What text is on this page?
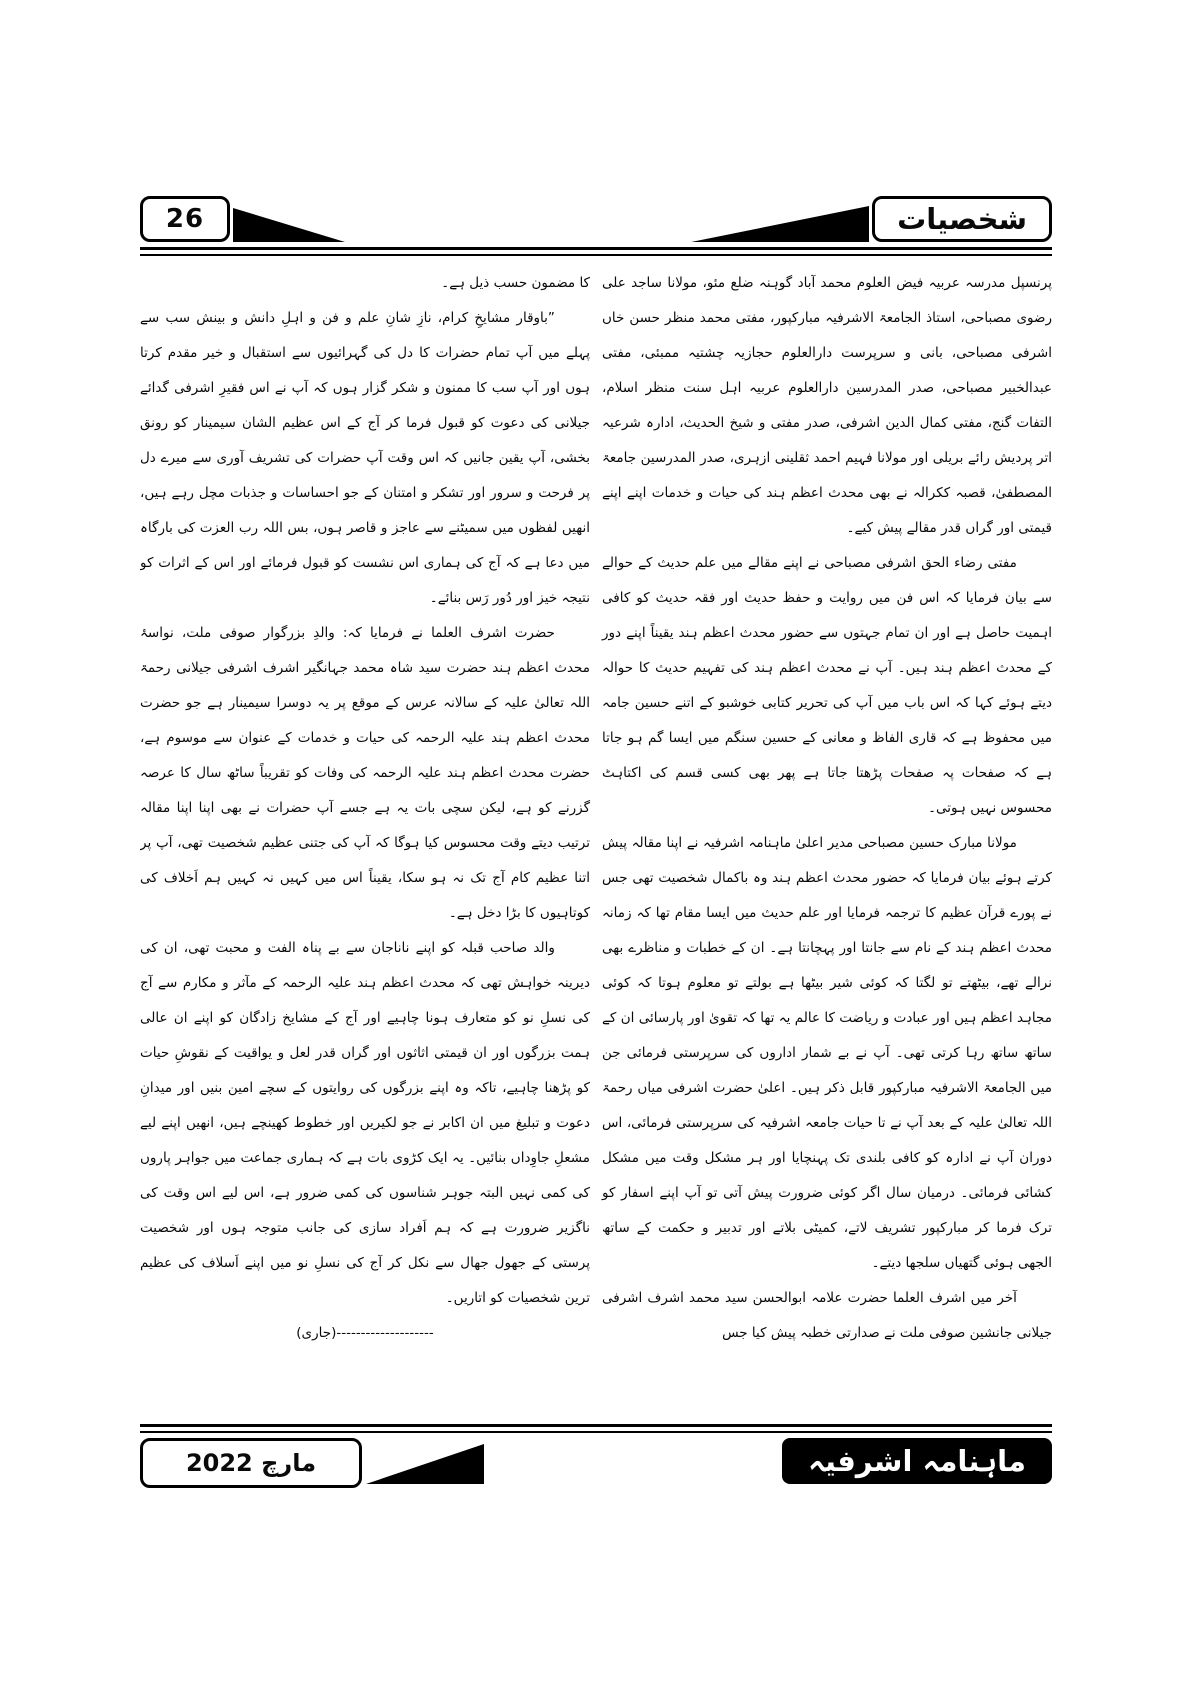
شخصیات
26

پرنسپل مدرسہ عربیہ فیض العلوم محمد آباد گوہنہ ضلع مئو، مولانا ساجد علی رضوی مصباحی، استاذ الجامعۃ الاشرفیہ مبارکپور، مفتی محمد منظر حسن خاں اشرفی مصباحی، بانی و سرپرست دارالعلوم حجازیہ چشتیہ ممبئی، مفتی عبدالخبیر مصباحی، صدر المدرسین دارالعلوم عربیہ اہل سنت منظر اسلام، التفات گنج، مفتی کمال الدین اشرفی، صدر مفتی و شیخ الحدیث، ادارہ شرعیہ اتر پردیش رائے بریلی اور مولانا فہیم احمد ثقلینی ازہری، صدر المدرسین جامعۃ المصطفیٰ، قصبہ ککرالہ نے بھی محدث اعظم ہند کی حیات و خدمات اپنے اپنے قیمتی اور گراں قدر مقالے پیش کیے۔

مفتی رضاء الحق اشرفی مصباحی نے اپنے مقالے میں علم حدیث کے حوالے سے بیان فرمایا کہ اس فن میں روایت و حفظ حدیث اور فقہ حدیث کو کافی اہمیت حاصل ہے اور ان تمام جہتوں سے حضور محدث اعظم ہند یقیناً اپنے دور کے محدث اعظم ہند ہیں۔ آپ نے محدث اعظم ہند کی تفہیم حدیث کا حوالہ دیتے ہوئے کہا کہ اس باب میں آپ کی تحریر کتابی خوشبو کے اتنے حسین جامہ میں محفوظ ہے کہ قاری الفاظ و معانی کے حسین سنگم میں ایسا گم ہو جاتا ہے کہ صفحات پہ صفحات پڑھتا جاتا ہے پھر بھی کسی قسم کی اکتاہٹ محسوس نہیں ہوتی۔

مولانا مبارک حسین مصباحی مدیر اعلیٰ ماہنامہ اشرفیہ نے اپنا مقالہ پیش کرتے ہوئے بیان فرمایا کہ حضور محدث اعظم ہند وہ باکمال شخصیت تھی جس نے پورے قرآن عظیم کا ترجمہ فرمایا اور علم حدیث میں ایسا مقام تھا کہ زمانہ محدث اعظم ہند کے نام سے جانتا اور پہچانتا ہے۔ ان کے خطبات و مناظرے بھی نرالے تھے، بیٹھتے تو لگتا کہ کوئی شیر بیٹھا ہے بولتے تو معلوم ہوتا کہ کوئی مجاہد اعظم ہیں اور عبادت و ریاضت کا عالم یہ تھا کہ تقویٰ اور پارسائی ان کے ساتھ ساتھ رہا کرتی تھی۔ آپ نے بے شمار اداروں کی سرپرستی فرمائی جن میں الجامعۃ الاشرفیہ مبارکپور قابل ذکر ہیں۔ اعلیٰ حضرت اشرفی میاں رحمۃ اللہ تعالیٰ علیہ کے بعد آپ نے تا حیات جامعہ اشرفیہ کی سرپرستی فرمائی، اس دوران آپ نے ادارہ کو کافی بلندی تک پہنچایا اور ہر مشکل وقت میں مشکل کشائی فرمائی۔ درمیان سال اگر کوئی ضرورت پیش آتی تو آپ اپنے اسفار کو ترک فرما کر مبارکپور تشریف لاتے، کمیٹی بلاتے اور تدبیر و حکمت کے ساتھ الجھی ہوئی گتھیاں سلجھا دیتے۔

آخر میں اشرف العلما حضرت علامہ ابوالحسن سید محمد اشرف اشرفی جیلانی جانشین صوفی ملت نے صدارتی خطبہ پیش کیا جس

کا مضمون حسب ذیل ہے۔

”باوقار مشایخِ کرام، نازِ شانِ علم و فن و اہلِ دانش و بینش سب سے پہلے میں آپ تمام حضرات کا دل کی گہرائیوں سے استقبال و خیر مقدم کرتا ہوں اور آپ سب کا ممنون و شکر گزار ہوں کہ آپ نے اس فقیرِ اشرفی گدائے جیلانی کی دعوت کو قبول فرما کر آج کے اس عظیم الشان سیمینار کو رونق بخشی، آپ یقین جانیں کہ اس وقت آپ حضرات کی تشریف آوری سے میرے دل پر فرحت و سرور اور تشکر و امتنان کے جو احساسات و جذبات مچل رہے ہیں، انھیں لفظوں میں سمیٹنے سے عاجز و قاصر ہوں، بس اللہ رب العزت کی بارگاہ میں دعا ہے کہ آج کی ہماری اس نشست کو قبول فرمائے اور اس کے اثرات کو نتیجہ خیز اور دُور رَس بنائے۔

حضرت اشرف العلما نے فرمایا کہ: والدِ بزرگوار صوفی ملت، نواسۂ محدث اعظم ہند حضرت سید شاہ محمد جہانگیر اشرف اشرفی جیلانی رحمۃ اللہ تعالیٰ علیہ کے سالانہ عرس کے موقع پر یہ دوسرا سیمینار ہے جو حضرت محدث اعظم ہند علیہ الرحمہ کی حیات و خدمات کے عنوان سے موسوم ہے، حضرت محدث اعظم ہند علیہ الرحمہ کی وفات کو تقریباً ساٹھ سال کا عرصہ گزرنے کو ہے، لیکن سچی بات یہ ہے جسے آپ حضرات نے بھی اپنا اپنا مقالہ ترتیب دیتے وقت محسوس کیا ہوگا کہ آپ کی جتنی عظیم شخصیت تھی، آپ پر اتنا عظیم کام آج تک نہ ہو سکا، یقیناً اس میں کہیں نہ کہیں ہم اَخلاف کی کوتاہیوں کا بڑا دخل ہے۔

والد صاحب قبلہ کو اپنے ناناجان سے بے پناہ الفت و محبت تھی، ان کی دیرینہ خواہش تھی کہ محدث اعظم ہند علیہ الرحمہ کے مآثر و مکارم سے آج کی نسلِ نو کو متعارف ہونا چاہیے اور آج کے مشایخ زادگان کو اپنے ان عالی ہمت بزرگوں اور ان قیمتی اثاثوں اور گراں قدر لعل و یواقیت کے نقوشِ حیات کو پڑھنا چاہیے، تاکہ وہ اپنے بزرگوں کی روایتوں کے سچے امین بنیں اور میدانِ دعوت و تبلیغ میں ان اکابر نے جو لکیریں اور خطوط کھینچے ہیں، انھیں اپنے لیے مشعلِ جاوِداں بنائیں۔ یہ ایک کڑوی بات ہے کہ ہماری جماعت میں جواہر پاروں کی کمی نہیں البتہ جوہر شناسوں کی کمی ضرور ہے، اس لیے اس وقت کی ناگزیر ضرورت ہے کہ ہم اَفراد سازی کی جانب متوجہ ہوں اور شخصیت پرستی کے جھول جھال سے نکل کر آج کی نسلِ نو میں اپنے اَسلاف کی عظیم ترین شخصیات کو اتاریں۔

(جاری)--------------------

مارچ 2022	ماہنامہ اشرفیہ
